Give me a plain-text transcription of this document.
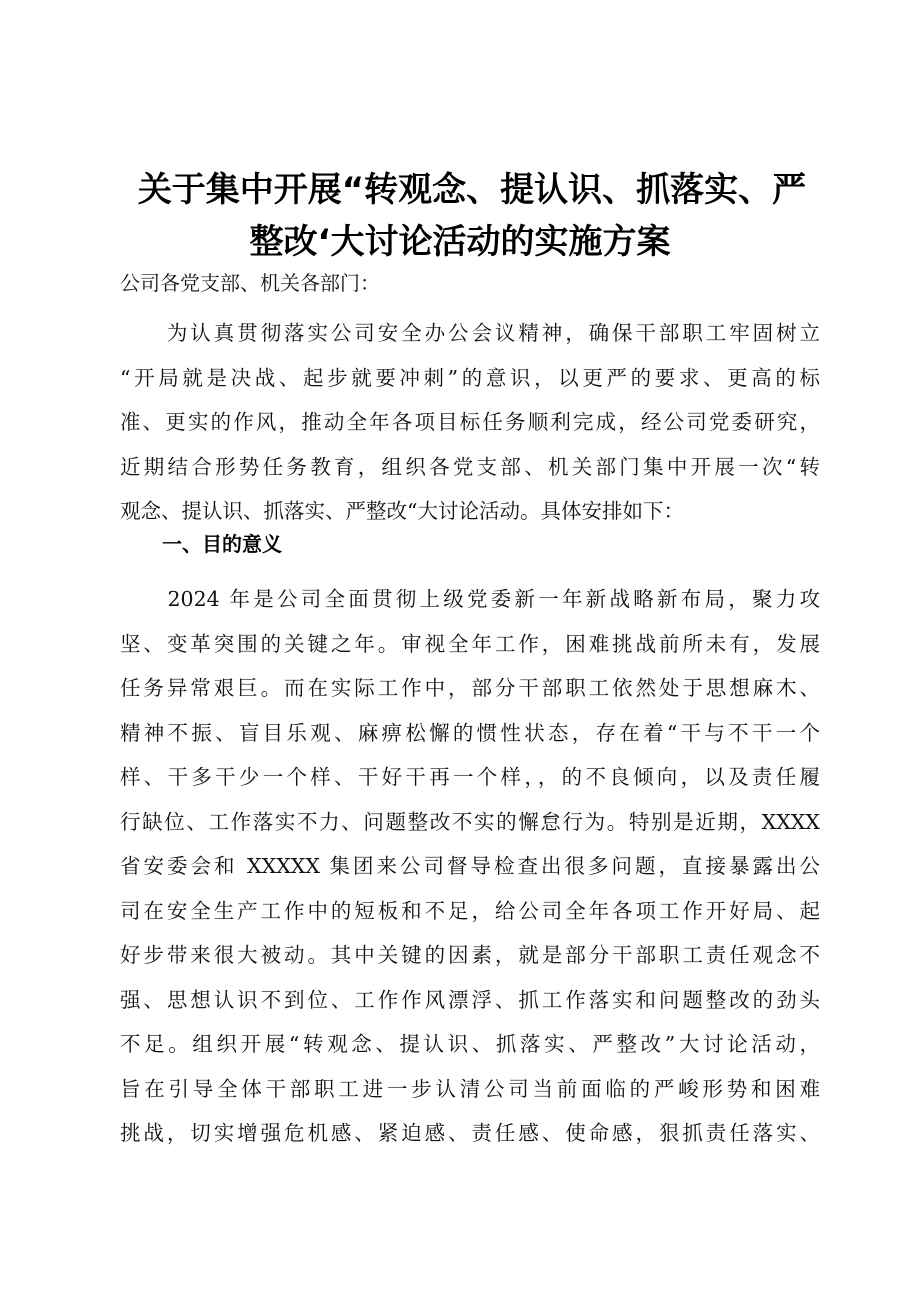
关于集中开展“转观念、提认识、抓落实、严
整改‘大讨论活动的实施方案
公司各党支部、机关各部门：
　　为认真贯彻落实公司安全办公会议精神，确保干部职工牢固树立
“开局就是决战、起步就要冲刺”的意识，以更严的要求、更高的标
准、更实的作风，推动全年各项目标任务顺利完成，经公司党委研究，
近期结合形势任务教育，组织各党支部、机关部门集中开展一次“转
观念、提认识、抓落实、严整改“大讨论活动。具体安排如下：
一、目的意义
　　2024 年是公司全面贯彻上级党委新一年新战略新布局，聚力攻
坚、变革突围的关键之年。审视全年工作，困难挑战前所未有，发展
任务异常艰巨。而在实际工作中，部分干部职工依然处于思想麻木、
精神不振、盲目乐观、麻痹松懈的惯性状态，存在着“干与不干一个
样、干多干少一个样、干好干再一个样，，的不良倾向，以及责任履
行缺位、工作落实不力、问题整改不实的懈怠行为。特别是近期，XXXX
省安委会和 XXXXX 集团来公司督导检查出很多问题，直接暴露出公
司在安全生产工作中的短板和不足，给公司全年各项工作开好局、起
好步带来很大被动。其中关键的因素，就是部分干部职工责任观念不
强、思想认识不到位、工作作风漂浮、抓工作落实和问题整改的劲头
不足。组织开展“转观念、提认识、抓落实、严整改”大讨论活动，
旨在引导全体干部职工进一步认清公司当前面临的严峻形势和困难
挑战，切实增强危机感、紧迫感、责任感、使命感，狠抓责任落实、
